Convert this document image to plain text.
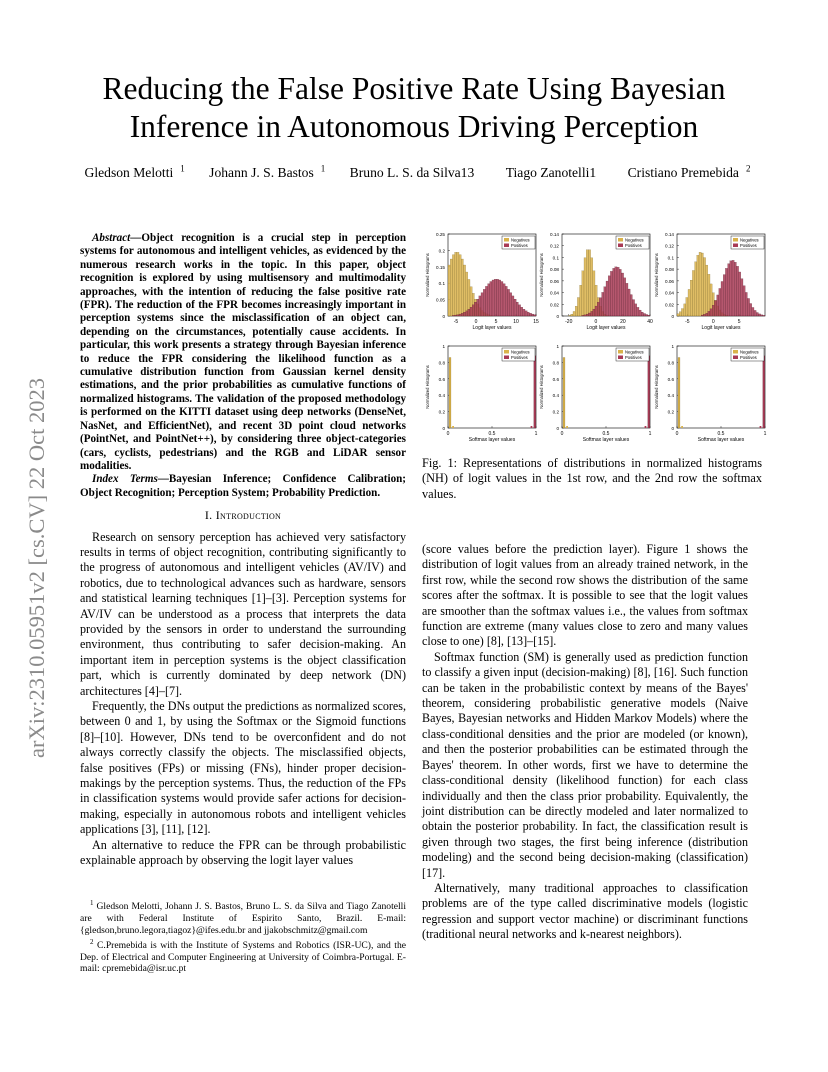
arXiv:2310.05951v2 [cs.CV] 22 Oct 2023
Reducing the False Positive Rate Using Bayesian Inference in Autonomous Driving Perception
Gledson Melotti $^1$ Johann J. S. Bastos $^1$ Bruno L. S. da Silva13 Tiago Zanotelli1 Cristiano Premebida $^2$

Abstract—Object recognition is a crucial step in perception systems for autonomous and intelligent vehicles, as evidenced by the numerous research works in the topic. In this paper, object recognition is explored by using multisensory and multimodality approaches, with the intention of reducing the false positive rate (FPR). The reduction of the FPR becomes increasingly important in perception systems since the misclassification of an object can, depending on the circumstances, potentially cause accidents. In particular, this work presents a strategy through Bayesian inference to reduce the FPR considering the likelihood function as a cumulative distribution function from Gaussian kernel density estimations, and the prior probabilities as cumulative functions of normalized histograms. The validation of the proposed methodology is performed on the KITTI dataset using deep networks (DenseNet, NasNet, and EfficientNet), and recent 3D point cloud networks (PointNet, and PointNet++), by considering three object-categories (cars, cyclists, pedestrians) and the RGB and LiDAR sensor modalities.

Index Terms—Bayesian Inference; Confidence Calibration; Object Recognition; Perception System; Probability Prediction.

I. Introduction

Research on sensory perception has achieved very satisfactory results in terms of object recognition, contributing significantly to the progress of autonomous and intelligent vehicles (AV/IV) and robotics, due to technological advances such as hardware, sensors and statistical learning techniques [1]–[3]. Perception systems for AV/IV can be understood as a process that interprets the data provided by the sensors in order to understand the surrounding environment, thus contributing to safer decision-making. An important item in perception systems is the object classification part, which is currently dominated by deep network (DN) architectures [4]–[7].

Frequently, the DNs output the predictions as normalized scores, between 0 and 1, by using the Softmax or the Sigmoid functions [8]–[10]. However, DNs tend to be overconfident and do not always correctly classify the objects. The misclassified objects, false positives (FPs) or missing (FNs), hinder proper decision-makings by the perception systems. Thus, the reduction of the FPs in classification systems would provide safer actions for decision-making, especially in autonomous robots and intelligent vehicles applications [3], [11], [12].

An alternative to reduce the FPR can be through probabilistic explainable approach by observing the logit layer values

$^1$ Gledson Melotti, Johann J. S. Bastos, Bruno L. S. da Silva and Tiago Zanotelli are with Federal Institute of Espirito Santo, Brazil. E-mail: {gledson,bruno.legora,tiagoz}@ifes.edu.br and jjakobschmitz@gmail.com

$^2$ C.Premebida is with the Institute of Systems and Robotics (ISR-UC), and the Dep. of Electrical and Computer Engineering at University of Coimbra-Portugal. E-mail: cpremebida@isr.uc.pt

0.25
0.2
0.15
0.1
0.05
0
-5	0	5	10	15
Normalized Histograms
Logit layer values
Negatives
Positives
0.14
0.12
0.1
0.08
0.06
0.04
0.02
0
-20	0	20	40
Normalized Histograms
Logit layer values
Negatives
Positives
0.14
0.12
0.1
0.08
0.06
0.04
0.02
0
-5	0	5
Normalized Histograms
Logit layer values
Negatives
Positives
1
0.8
0.6
0.4
0.2
0
0	0.5	1
Normalized Histograms
Softmax layer values
Negatives
Positives
1
0.8
0.6
0.4
0.2
0
0	0.5	1
Normalized Histograms
Softmax layer values
Negatives
Positives
1
0.8
0.6
0.4
0.2
0
0	0.5	1
Normalized Histograms
Softmax layer values
Negatives
Positives
Fig. 1: Representations of distributions in normalized histograms (NH) of logit values in the 1st row, and the 2nd row the softmax values.

(score values before the prediction layer). Figure 1 shows the distribution of logit values from an already trained network, in the first row, while the second row shows the distribution of the same scores after the softmax. It is possible to see that the logit values are smoother than the softmax values i.e., the values from softmax function are extreme (many values close to zero and many values close to one) [8], [13]–[15].

Softmax function (SM) is generally used as prediction function to classify a given input (decision-making) [8], [16]. Such function can be taken in the probabilistic context by means of the Bayes' theorem, considering probabilistic generative models (Naive Bayes, Bayesian networks and Hidden Markov Models) where the class-conditional densities and the prior are modeled (or known), and then the posterior probabilities can be estimated through the Bayes' theorem. In other words, first we have to determine the class-conditional density (likelihood function) for each class individually and then the class prior probability. Equivalently, the joint distribution can be directly modeled and later normalized to obtain the posterior probability. In fact, the classification result is given through two stages, the first being inference (distribution modeling) and the second being decision-making (classification) [17].

Alternatively, many traditional approaches to classification problems are of the type called discriminative models (logistic regression and support vector machine) or discriminant functions (traditional neural networks and k-nearest neighbors).
